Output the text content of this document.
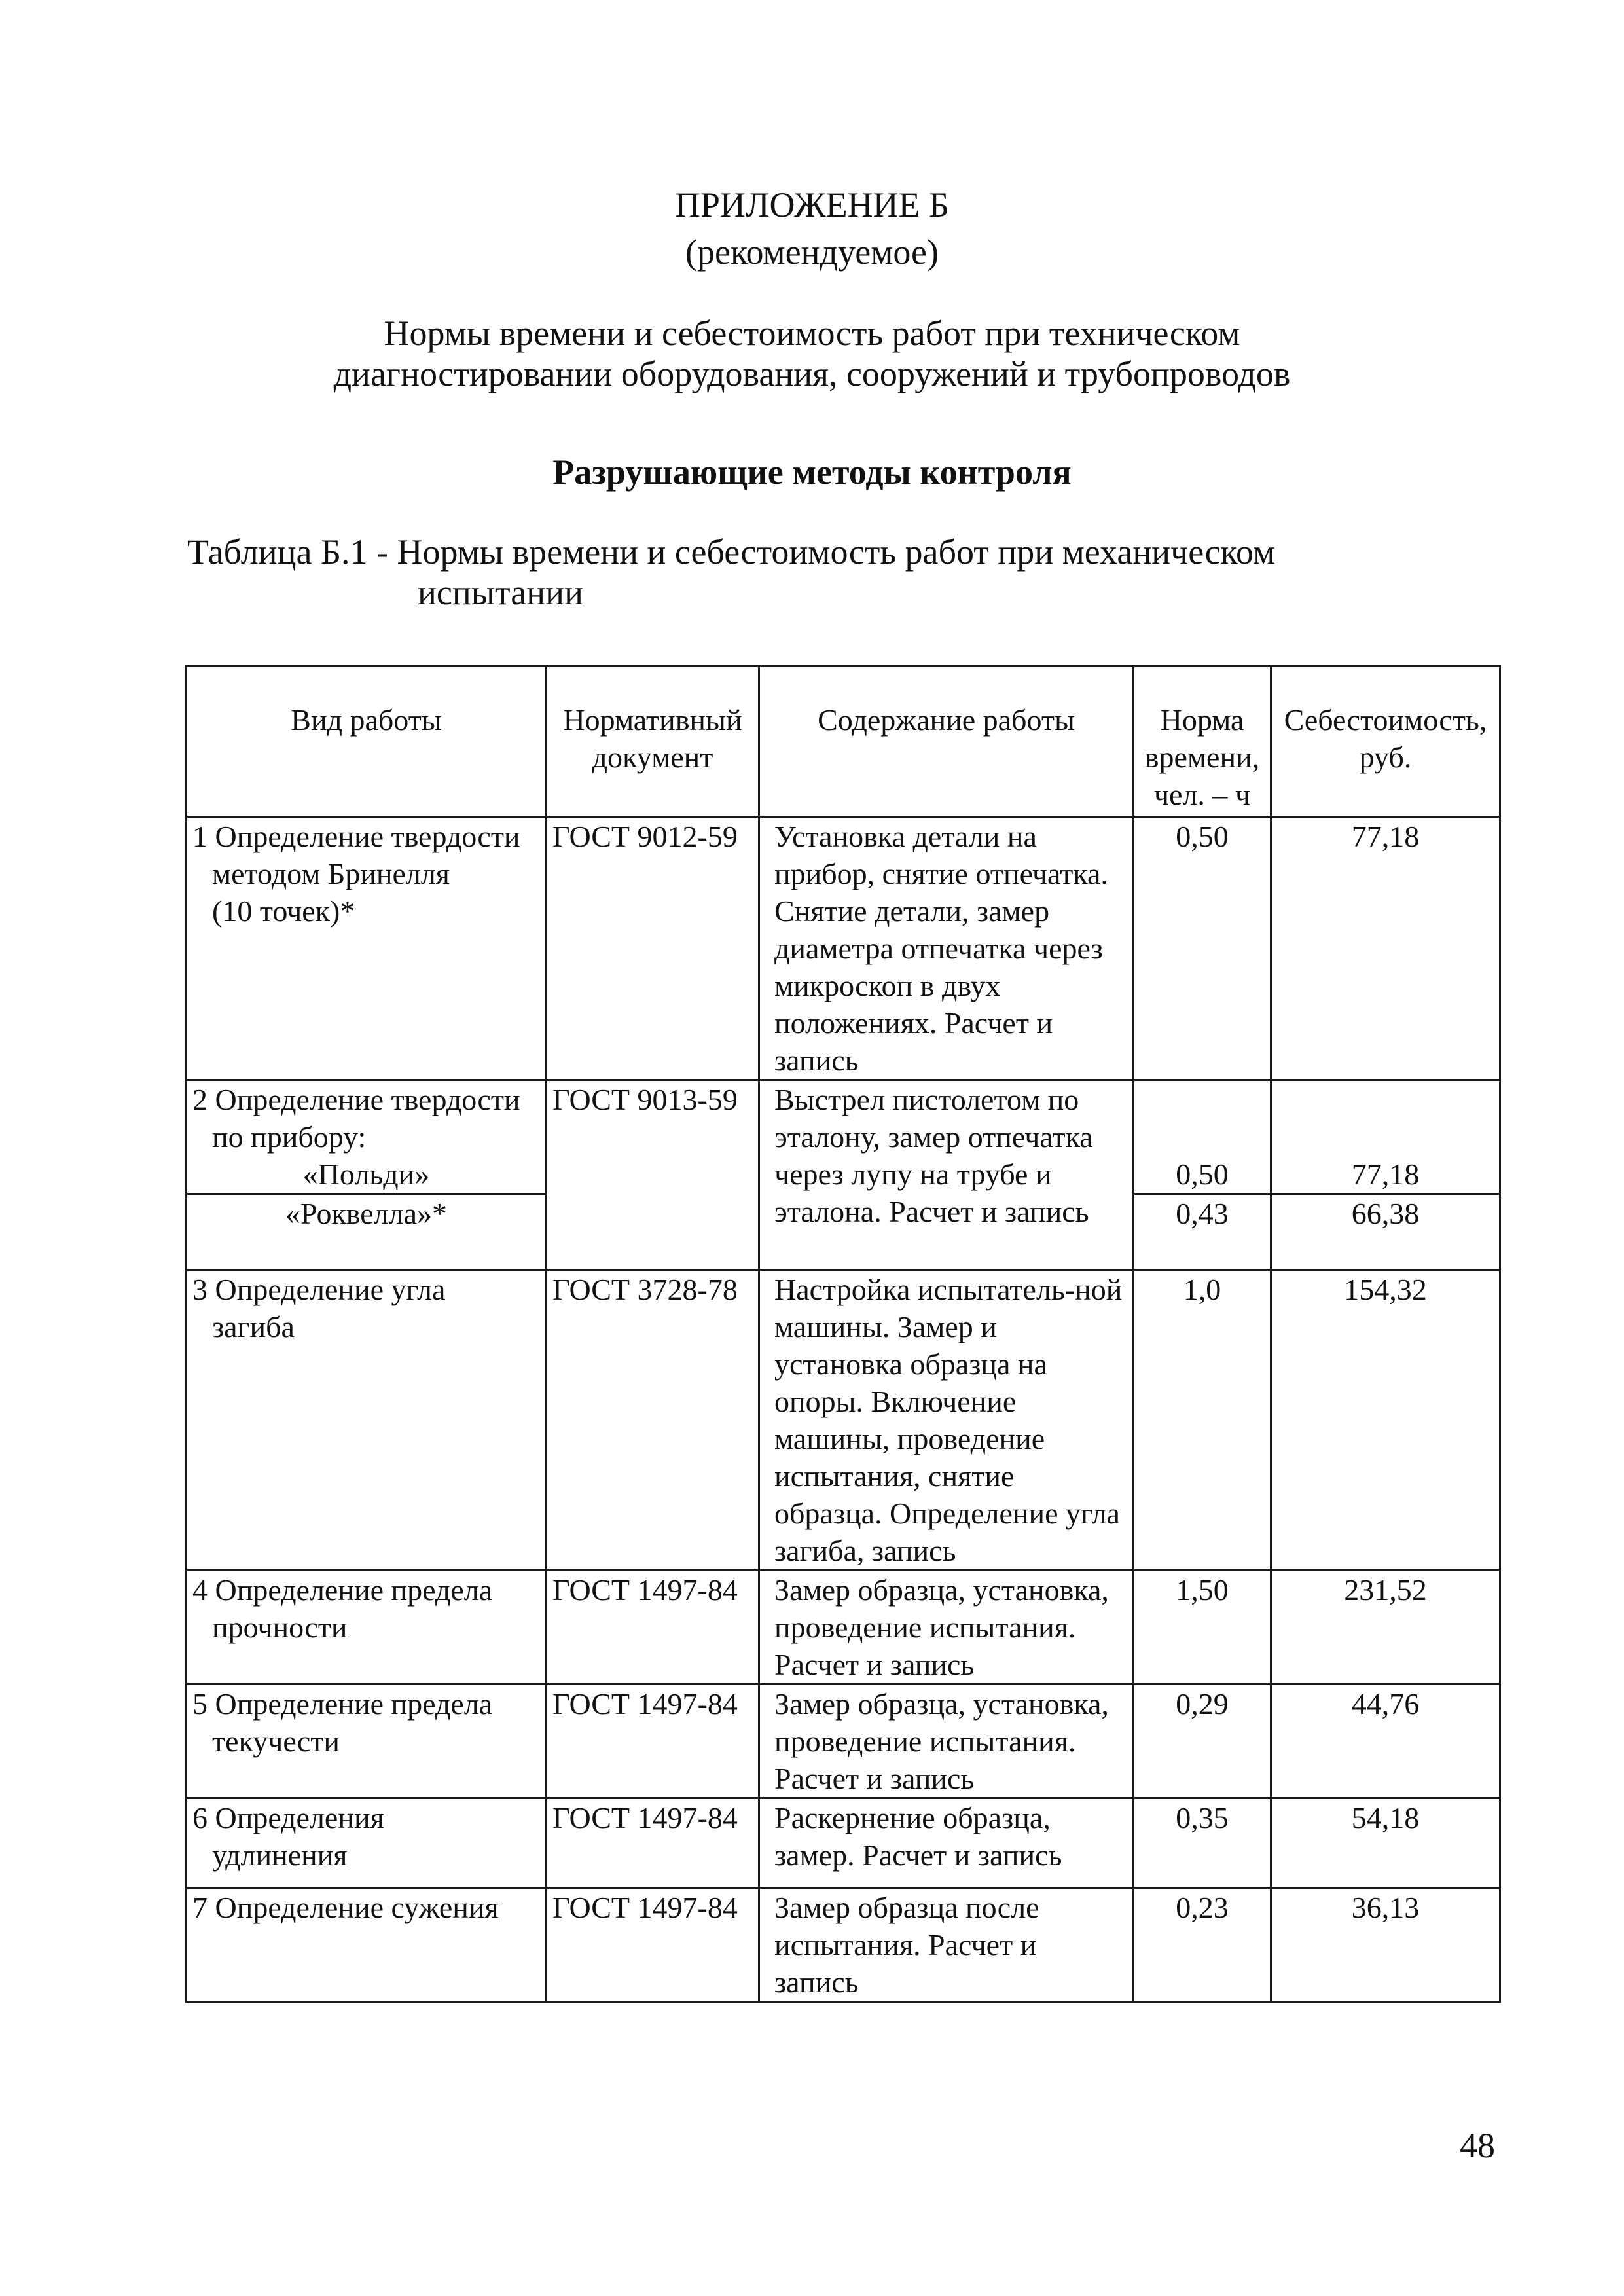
ПРИЛОЖЕНИЕ Б
(рекомендуемое)
Нормы времени и себестоимость работ при техническом
диагностировании оборудования, сооружений и трубопроводов
Разрушающие методы контроля
Таблица Б.1 - Нормы времени и себестоимость работ при механическом
испытании
Вид работы	Нормативный документ	Содержание работы	Норма времени, чел. – ч	Себестоимость, руб.
1 Определение твердости
методом Бринелля
(10 точек)*	ГОСТ 9012-59	Установка детали на прибор, снятие отпечатка. Снятие детали, замер диаметра отпечатка через микроскоп в двух положениях. Расчет и запись	0,50	77,18
2 Определение твердости
по прибору:
«Польди»	ГОСТ 9013-59	Выстрел пистолетом по эталону, замер отпечатка через лупу на трубе и эталона. Расчет и запись	0,50	77,18
«Роквелла»*			0,43	66,38
3 Определение угла
загиба	ГОСТ 3728-78	Настройка испытатель-ной машины. Замер и установка образца на опоры. Включение машины, проведение испытания, снятие образца. Определение угла загиба, запись	1,0	154,32
4 Определение предела
прочности	ГОСТ 1497-84	Замер образца, установка, проведение испытания. Расчет и запись	1,50	231,52
5 Определение предела
текучести	ГОСТ 1497-84	Замер образца, установка, проведение испытания. Расчет и запись	0,29	44,76
6 Определения
удлинения	ГОСТ 1497-84	Раскернение образца, замер. Расчет и запись	0,35	54,18
7 Определение сужения	ГОСТ 1497-84	Замер образца после испытания. Расчет и запись	0,23	36,13
48
